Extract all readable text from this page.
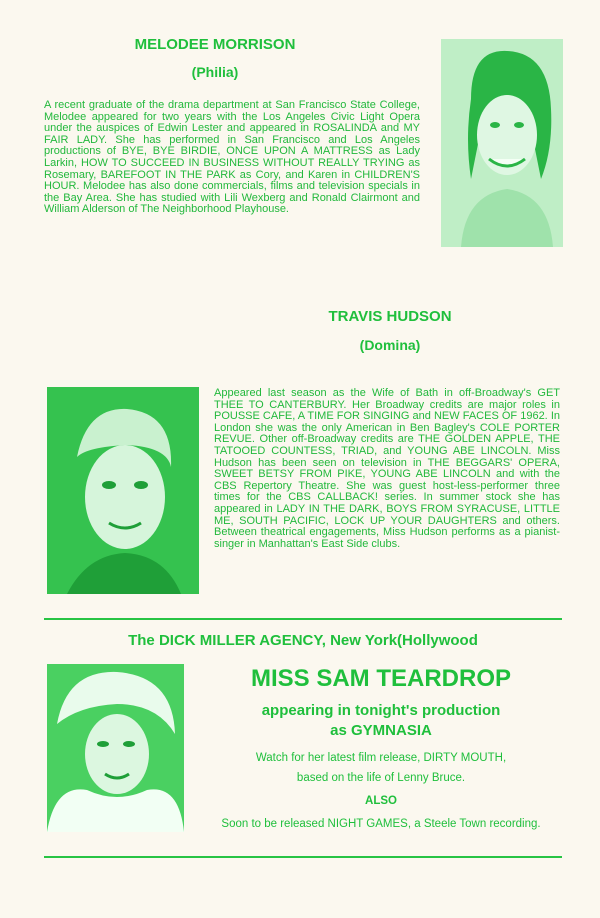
MELODEE MORRISON
(Philia)
A recent graduate of the drama department at San Francisco State College, Melodee appeared for two years with the Los Angeles Civic Light Opera under the auspices of Edwin Lester and appeared in ROSALINDA and MY FAIR LADY. She has performed in San Francisco and Los Angeles productions of BYE, BYE BIRDIE, ONCE UPON A MATTRESS as Lady Larkin, HOW TO SUCCEED IN BUSINESS WITHOUT REALLY TRYING as Rosemary, BAREFOOT IN THE PARK as Cory, and Karen in CHILDREN'S HOUR. Melodee has also done commercials, films and television specials in the Bay Area. She has studied with Lili Wexberg and Ronald Clairmont and William Alderson of The Neighborhood Playhouse.
TRAVIS HUDSON
(Domina)
Appeared last season as the Wife of Bath in off-Broadway's GET THEE TO CANTERBURY. Her Broadway credits are major roles in POUSSE CAFE, A TIME FOR SINGING and NEW FACES OF 1962. In London she was the only American in Ben Bagley's COLE PORTER REVUE. Other off-Broadway credits are THE GOLDEN APPLE, THE TATOOED COUNTESS, TRIAD, and YOUNG ABE LINCOLN. Miss Hudson has been seen on television in THE BEGGARS' OPERA, SWEET BETSY FROM PIKE, YOUNG ABE LINCOLN and with the CBS Repertory Theatre. She was guest host-less-performer three times for the CBS CALLBACK! series. In summer stock she has appeared in LADY IN THE DARK, BOYS FROM SYRACUSE, LITTLE ME, SOUTH PACIFIC, LOCK UP YOUR DAUGHTERS and others. Between theatrical engagements, Miss Hudson performs as a pianist-singer in Manhattan's East Side clubs.
The DICK MILLER AGENCY, New York(Hollywood
MISS SAM TEARDROP
appearing in tonight's production
as GYMNASIA
Watch for her latest film release, DIRTY MOUTH,
based on the life of Lenny Bruce.
ALSO
Soon to be released NIGHT GAMES, a Steele Town recording.
